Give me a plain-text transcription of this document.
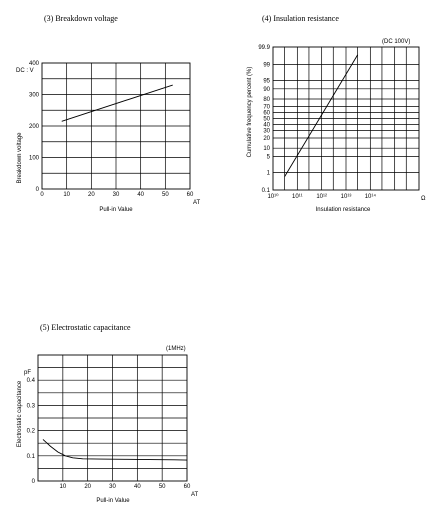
(3) Breakdown voltage
DC : V
Breakdown voltage
Pull-in Value
AT
0	10	20	30	40	50	60
0
100
200
300
400
(4) Insulation resistance
(DC 100V)
Cumulative frequency percent (%)
Insulation resistance
Ω
0.1
1
5
10
20
30
40
50
60
70
80
90
95
99
99.9
10¹⁰ 10¹¹ 10¹² 10¹³ 10¹⁴
(5) Electrostatic capacitance
(1MHz)
pF
Electrostatic capacitance
Pull-in Value
AT
10	20	30	40	50	60
0
0.1
0.2
0.3
0.4
